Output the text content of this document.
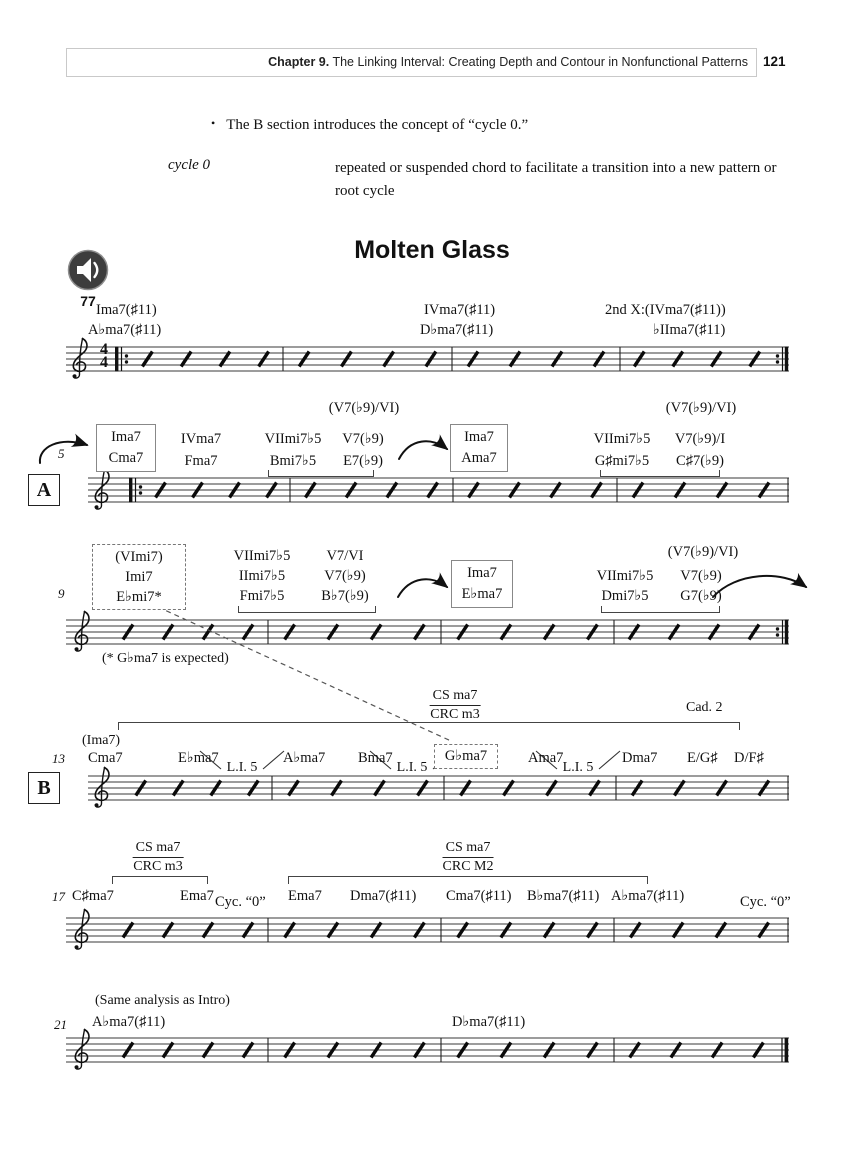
Chapter 9. The Linking Interval: Creating Depth and Contour in Nonfunctional Patterns	121
• The B section introduces the concept of “cycle 0.”
cycle 0	repeated or suspended chord to facilitate a transition into a new pattern or root cycle
Molten Glass
77
Ima7(♯11)
A♭ma7(♯11)
IVma7(♯11)
D♭ma7(♯11)
2nd X:(IVma7(♯11))
♭IIma7(♯11)
4
4
5
A
Ima7
Cma7
IVma7
Fma7
VIImi7♭5
Bmi7♭5
(V7(♭9)/VI)
V7(♭9)
E7(♭9)
Ima7
Ama7
VIImi7♭5
G♯mi7♭5
(V7(♭9)/VI)
V7(♭9)/I
C♯7(♭9)
9
(VImi7)
Imi7
E♭mi7*
VIImi7♭5
IImi7♭5
Fmi7♭5
V7/VI
V7(♭9)
B♭7(♭9)
Ima7
E♭ma7
VIImi7♭5
Dmi7♭5
(V7(♭9)/VI)
V7(♭9)
G7(♭9)
(* G♭ma7 is expected)
CS ma7
CRC m3	Cad. 2
(Ima7)
13
B
Cma7	E♭ma7	A♭ma7 Bma7	G♭ma7	Ama7	Dma7 E/G♯ D/F♯
L.I. 5	L.I. 5	L.I. 5
CS ma7
CRC m3
CS ma7
CRC M2
17 C♯ma7	Ema7 Cyc. “0” Ema7 Dma7(♯11) Cma7(♯11) B♭ma7(♯11) A♭ma7(♯11)	Cyc. “0”
(Same analysis as Intro)
21 A♭ma7(♯11)	D♭ma7(♯11)
